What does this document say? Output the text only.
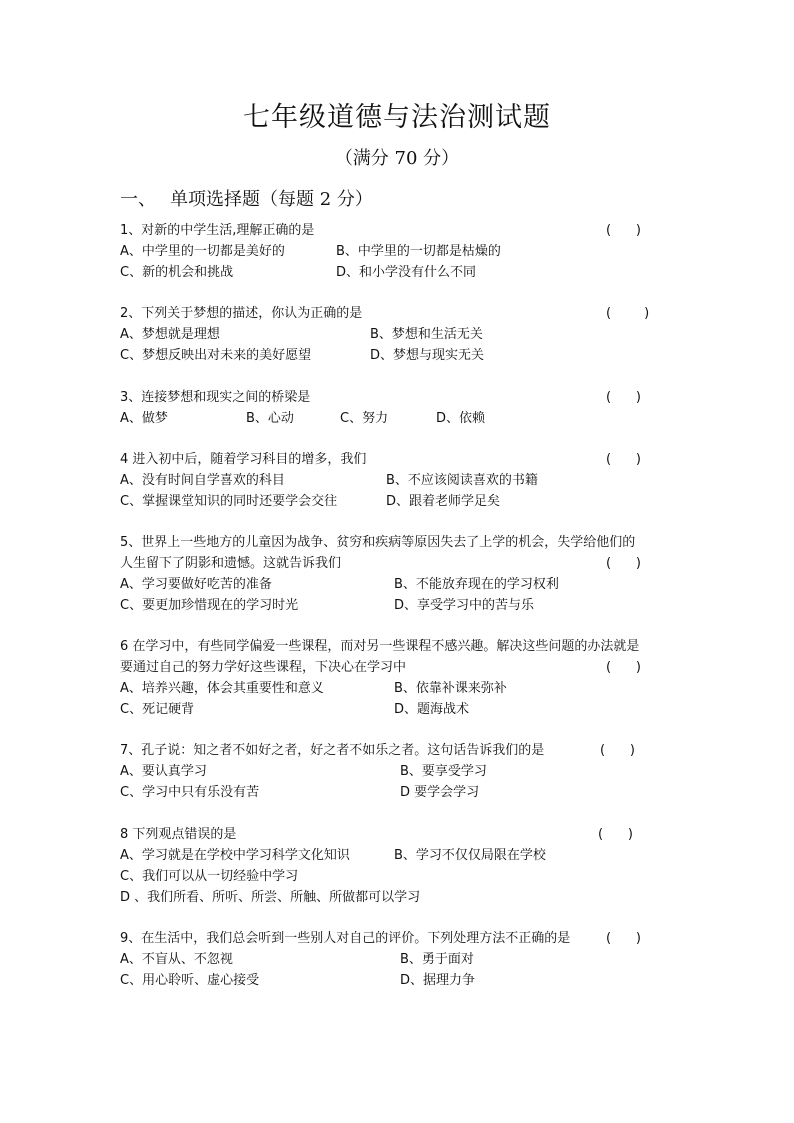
七年级道德与法治测试题
（满分 70 分）
一、 单项选择题（每题 2 分）
1、对新的中学生活,理解正确的是	(      )
A、中学里的一切都是美好的	B、中学里的一切都是枯燥的
C、新的机会和挑战	D、和小学没有什么不同
2、下列关于梦想的描述，你认为正确的是	(        )
A、梦想就是理想	B、梦想和生活无关
C、梦想反映出对未来的美好愿望	D、梦想与现实无关
3、连接梦想和现实之间的桥梁是	(      )
A、做梦	B、心动	C、努力	D、依赖
4 进入初中后，随着学习科目的增多，我们	(      )
A、没有时间自学喜欢的科目	B、不应该阅读喜欢的书籍
C、掌握课堂知识的同时还要学会交往	D、跟着老师学足矣
5、世界上一些地方的儿童因为战争、贫穷和疾病等原因失去了上学的机会，失学给他们的
人生留下了阴影和遗憾。这就告诉我们	(      )
A、学习要做好吃苦的准备	B、不能放弃现在的学习权利
C、要更加珍惜现在的学习时光	D、享受学习中的苦与乐
6 在学习中，有些同学偏爱一些课程，而对另一些课程不感兴趣。解决这些问题的办法就是
要通过自己的努力学好这些课程，下决心在学习中	(      )
A、培养兴趣，体会其重要性和意义	B、依靠补课来弥补
C、死记硬背	D、题海战术
7、孔子说：知之者不如好之者，好之者不如乐之者。这句话告诉我们的是	(      )
A、要认真学习	B、要享受学习
C、学习中只有乐没有苦	D 要学会学习
8 下列观点错误的是	(      )
A、学习就是在学校中学习科学文化知识	B、学习不仅仅局限在学校
C、我们可以从一切经验中学习
D 、我们所看、所听、所尝、所触、所做都可以学习
9、在生活中，我们总会听到一些别人对自己的评价。下列处理方法不正确的是	(      )
A、不盲从、不忽视	B、勇于面对
C、用心聆听、虚心接受	D、据理力争
